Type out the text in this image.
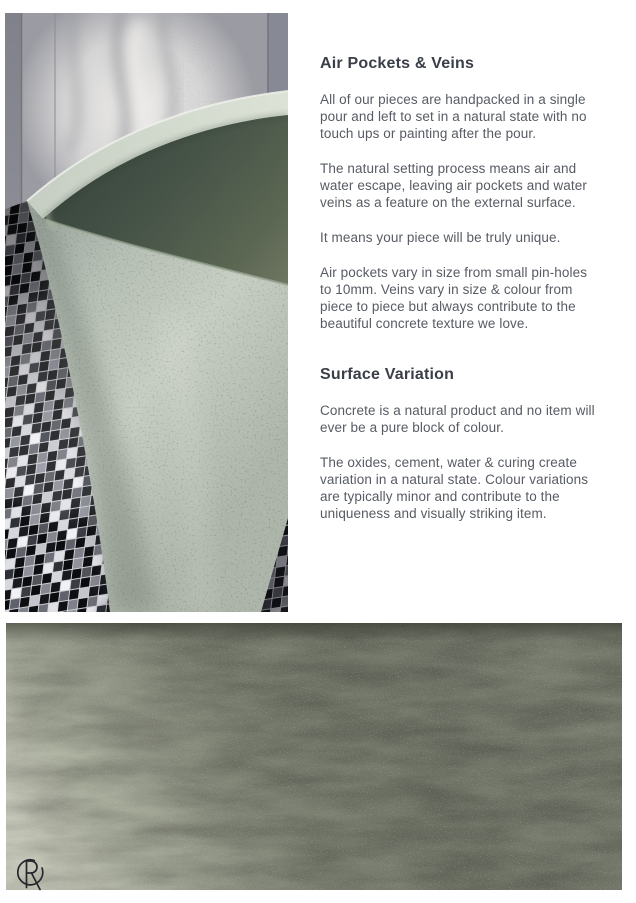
Air Pockets & Veins

All of our pieces are handpacked in a single pour and left to set in a natural state with no touch ups or painting after the pour.

The natural setting process means air and water escape, leaving air pockets and water veins as a feature on the external surface.

It means your piece will be truly unique.

Air pockets vary in size from small pin-holes to 10mm. Veins vary in size & colour from piece to piece but always contribute to the beautiful concrete texture we love.

Surface Variation

Concrete is a natural product and no item will ever be a pure block of colour.

The oxides, cement, water & curing create variation in a natural state. Colour variations are typically minor and contribute to the uniqueness and visually striking item.
